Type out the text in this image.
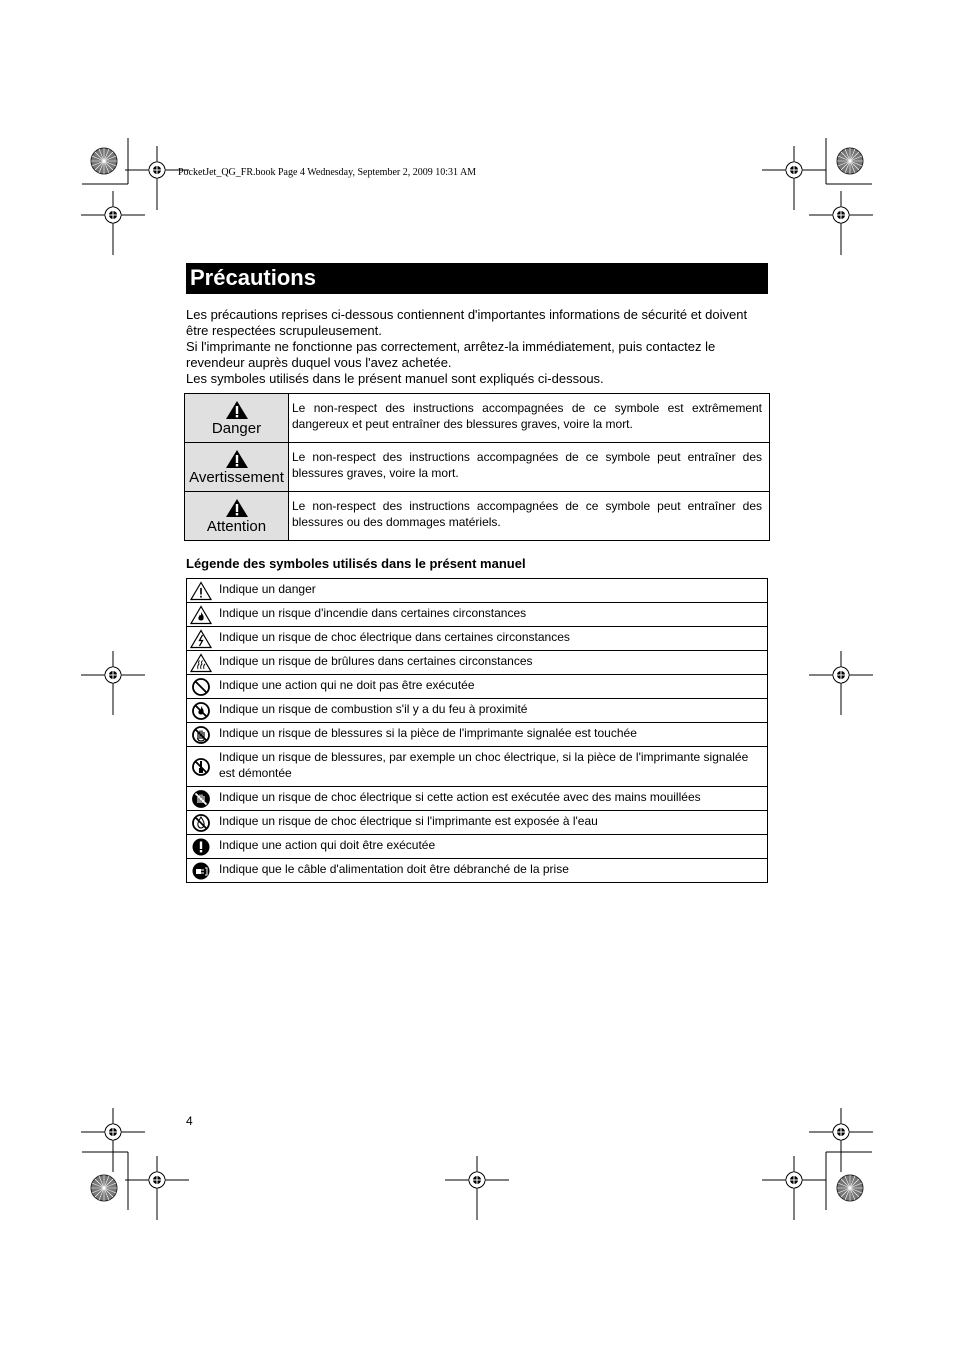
PocketJet_QG_FR.book Page 4 Wednesday, September 2, 2009 10:31 AM
Précautions

Les précautions reprises ci-dessous contiennent d'importantes informations de sécurité et doivent être respectées scrupuleusement.

Si l'imprimante ne fonctionne pas correctement, arrêtez-la immédiatement, puis contactez le revendeur auprès duquel vous l'avez achetée.

Les symboles utilisés dans le présent manuel sont expliqués ci-dessous.

Danger	Le non-respect des instructions accompagnées de ce symbole est extrêmement dangereux et peut entraîner des blessures graves, voire la mort.

Avertissement	Le non-respect des instructions accompagnées de ce symbole peut entraîner des blessures graves, voire la mort.

Attention	Le non-respect des instructions accompagnées de ce symbole peut entraîner des blessures ou des dommages matériels.
Légende des symboles utilisés dans le présent manuel
	Indique un danger

	Indique un risque d'incendie dans certaines circonstances

	Indique un risque de choc électrique dans certaines circonstances

	Indique un risque de brûlures dans certaines circonstances

	Indique une action qui ne doit pas être exécutée

	Indique un risque de combustion s'il y a du feu à proximité

	Indique un risque de blessures si la pièce de l'imprimante signalée est touchée

	Indique un risque de blessures, par exemple un choc électrique, si la pièce de l'imprimante signalée est démontée

	Indique un risque de choc électrique si cette action est exécutée avec des mains mouillées

	Indique un risque de choc électrique si l'imprimante est exposée à l'eau

	Indique une action qui doit être exécutée

	Indique que le câble d'alimentation doit être débranché de la prise
4
